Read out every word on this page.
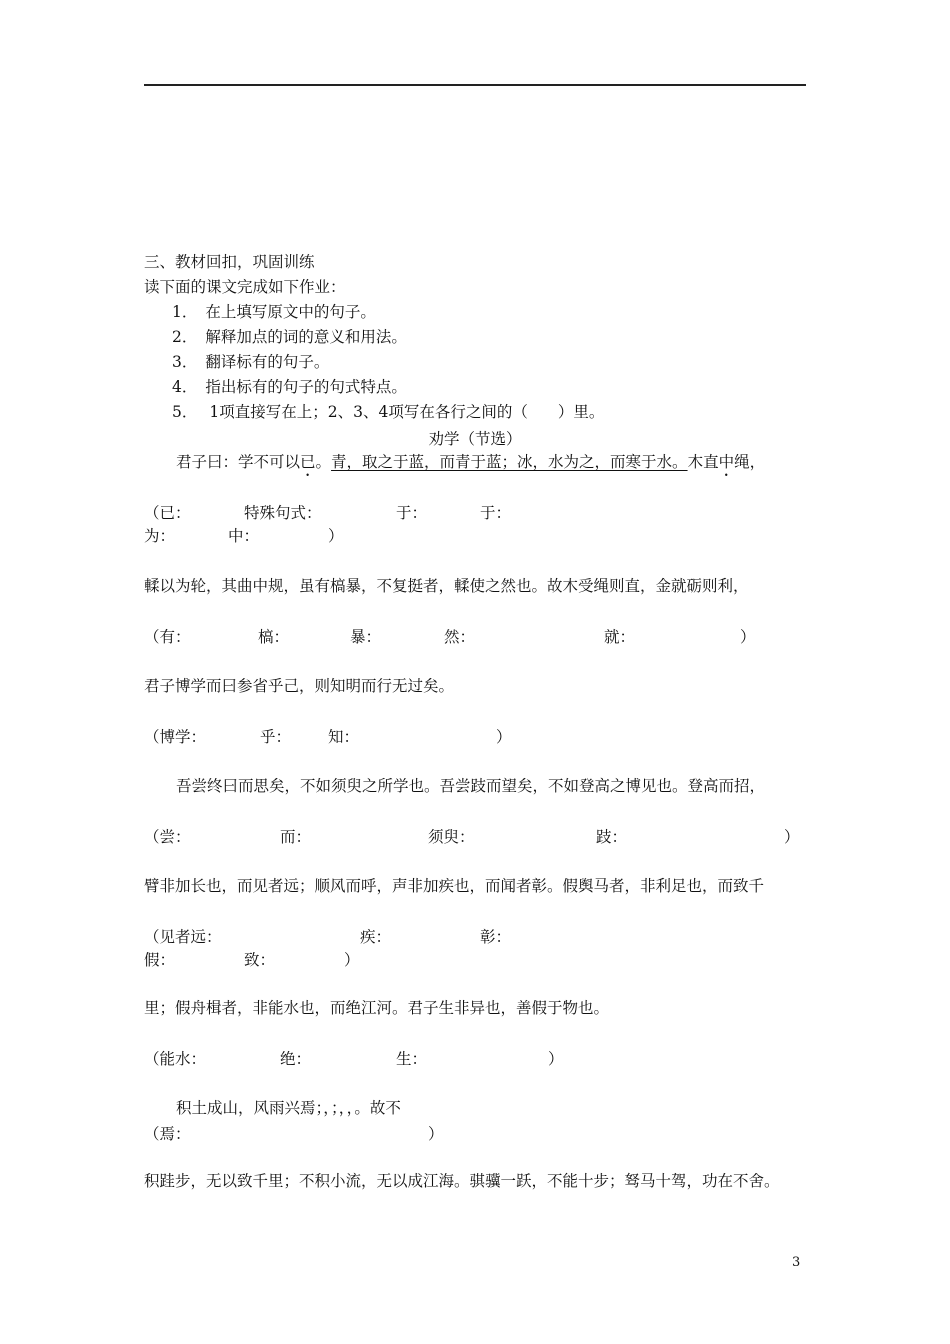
三、教材回扣，巩固训练
读下面的课文完成如下作业：
1． 在上填写原文中的句子。
2． 解释加点的词的意义和用法。
3． 翻译标有的句子。
4． 指出标有的句子的句式特点。
5． 1项直接写在上；2、3、4项写在各行之间的（ ）里。
劝学（节选）
君子曰：学不可以已。青，取之于蓝，而青于蓝；冰，水为之，而寒于水。木直中绳，
（已：	特殊句式：	于：	于：
为：	中：	）
輮以为轮，其曲中规，虽有槁暴，不复挺者，輮使之然也。故木受绳则直，金就砺则利，
（有：	槁：	暴：	然：	就：	）
君子博学而曰参省乎己，则知明而行无过矣。
（博学：	乎： 知：	）
吾尝终曰而思矣，不如须臾之所学也。吾尝跂而望矣，不如登高之博见也。登高而招，
（尝：	而：	须臾：	跂：	）
臂非加长也，而见者远；顺风而呼，声非加疾也，而闻者彰。假舆马者，非利足也，而致千
（见者远：	疾：	彰：
假：	致：	）
里；假舟楫者，非能水也，而绝江河。君子生非异也，善假于物也。
（能水：	绝：	生：	）
积土成山，风雨兴焉；，；，，。故不
（焉：	）
积跬步，无以致千里；不积小流，无以成江海。骐骥一跃，不能十步；驽马十驾，功在不舍。
3
